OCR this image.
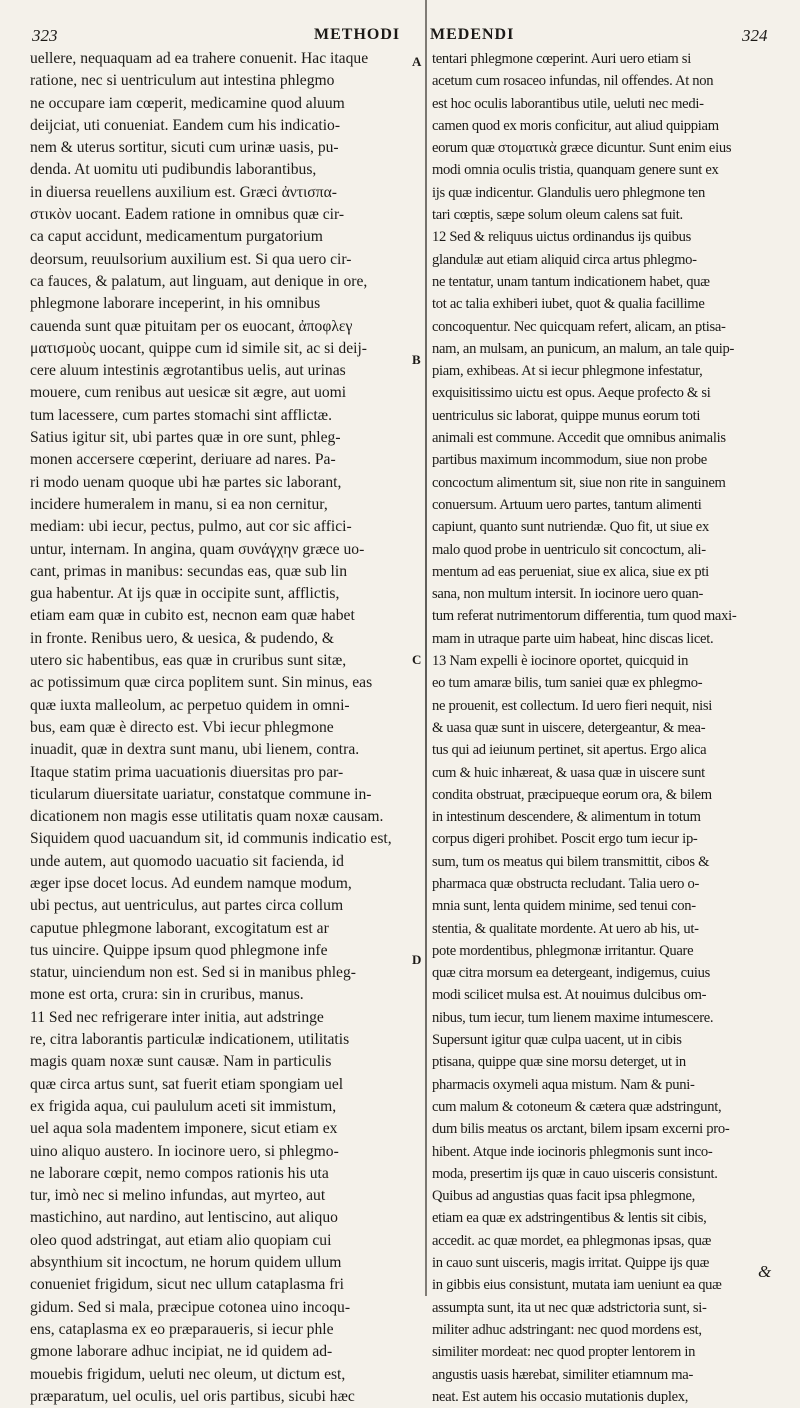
323	METHODI MEDENDI	324
uellere, nequaquam ad ea trahere conuenit. Hac itaque
ratione, nec si uentriculum aut intestina phlegmo
ne occupare iam cœperit, medicamine quod aluum
deijciat, uti conueniat. Eandem cum his indicatio-
nem & uterus sortitur, sicuti cum urinæ uasis, pu-
denda. At uomitu uti pudibundis laborantibus,
in diuersa reuellens auxilium est. Græci ἀντισπα-
στικὸν uocant. Eadem ratione in omnibus quæ cir-
ca caput accidunt, medicamentum purgatorium
deorsum, reuulsorium auxilium est. Si qua uero cir-
ca fauces, & palatum, aut linguam, aut denique in ore,
phlegmone laborare inceperint, in his omnibus
cauenda sunt quæ pituitam per os euocant, ἀποφλεγ
ματισμοὺς uocant, quippe cum id simile sit, ac si deij-
cere aluum intestinis ægrotantibus uelis, aut urinas
mouere, cum renibus aut uesicæ sit ægre, aut uomi
tum lacessere, cum partes stomachi sint afflictæ.
Satius igitur sit, ubi partes quæ in ore sunt, phleg-
monen accersere cœperint, deriuare ad nares. Pa-
ri modo uenam quoque ubi hæ partes sic laborant,
incidere humeralem in manu, si ea non cernitur,
mediam: ubi iecur, pectus, pulmo, aut cor sic affici-
untur, internam. In angina, quam συνάγχην græce uo-
cant, primas in manibus: secundas eas, quæ sub lin
gua habentur. At ijs quæ in occipite sunt, afflictis,
etiam eam quæ in cubito est, necnon eam quæ habet
in fronte. Renibus uero, & uesica, & pudendo, &
utero sic habentibus, eas quæ in cruribus sunt sitæ,
ac potissimum quæ circa poplitem sunt. Sin minus, eas
quæ iuxta malleolum, ac perpetuo quidem in omni-
bus, eam quæ è directo est. Vbi iecur phlegmone
inuadit, quæ in dextra sunt manu, ubi lienem, contra.
Itaque statim prima uacuationis diuersitas pro par-
ticularum diuersitate uariatur, constatque commune in-
dicationem non magis esse utilitatis quam noxæ causam.
Siquidem quod uacuandum sit, id communis indicatio est,
unde autem, aut quomodo uacuatio sit facienda, id
æger ipse docet locus. Ad eundem namque modum,
ubi pectus, aut uentriculus, aut partes circa collum
caputue phlegmone laborant, excogitatum est ar
tus uincire. Quippe ipsum quod phlegmone infe
statur, uinciendum non est. Sed si in manibus phleg-
mone est orta, crura: sin in cruribus, manus.
11 Sed nec refrigerare inter initia, aut adstringe
re, citra laborantis particulæ indicationem, utilitatis
magis quam noxæ sunt causæ. Nam in particulis
quæ circa artus sunt, sat fuerit etiam spongiam uel
ex frigida aqua, cui paululum aceti sit immistum,
uel aqua sola madentem imponere, sicut etiam ex
uino aliquo austero. In iocinore uero, si phlegmo-
ne laborare cœpit, nemo compos rationis his uta
tur, imò nec si melino infundas, aut myrteo, aut
mastichino, aut nardino, aut lentiscino, aut aliquo
oleo quod adstringat, aut etiam alio quopiam cui
absynthium sit incoctum, ne horum quidem ullum
conueniet frigidum, sicut nec ullum cataplasma fri
gidum. Sed si mala, præcipue cotonea uino incoqu-
ens, cataplasma ex eo præparaueris, si iecur phle
gmone laborare adhuc incipiat, ne id quidem ad-
mouebis frigidum, ueluti nec oleum, ut dictum est,
præparatum, uel oculis, uel oris partibus, sicubi hæc
tentari phlegmone cœperint. Auri uero etiam si
acetum cum rosaceo infundas, nil offendes. At non
est hoc oculis laborantibus utile, ueluti nec medi-
camen quod ex moris conficitur, aut aliud quippiam
eorum quæ στοματικὰ græce dicuntur. Sunt enim eius
modi omnia oculis tristia, quanquam genere sunt ex
ijs quæ indicentur. Glandulis uero phlegmone ten
tari cœptis, sæpe solum oleum calens sat fuit.
12 Sed & reliquus uictus ordinandus ijs quibus
glandulæ aut etiam aliquid circa artus phlegmo-
ne tentatur, unam tantum indicationem habet, quæ
tot ac talia exhiberi iubet, quot & qualia facillime
concoquentur. Nec quicquam refert, alicam, an ptisa-
nam, an mulsam, an punicum, an malum, an tale quip-
piam, exhibeas. At si iecur phlegmone infestatur,
exquisitissimo uictu est opus. Aeque profecto & si
uentriculus sic laborat, quippe munus eorum toti
animali est commune. Accedit que omnibus animalis
partibus maximum incommodum, siue non probe
concoctum alimentum sit, siue non rite in sanguinem
conuersum. Artuum uero partes, tantum alimenti
capiunt, quanto sunt nutriendæ. Quo fit, ut siue ex
malo quod probe in uentriculo sit concoctum, ali-
mentum ad eas perueniat, siue ex alica, siue ex pti
sana, non multum intersit. In iocinore uero quan-
tum referat nutrimentorum differentia, tum quod maxi-
mam in utraque parte uim habeat, hinc discas licet.
13 Nam expelli è iocinore oportet, quicquid in
eo tum amaræ bilis, tum saniei quæ ex phlegmo-
ne prouenit, est collectum. Id uero fieri nequit, nisi
& uasa quæ sunt in uiscere, detergeantur, & mea-
tus qui ad ieiunum pertinet, sit apertus. Ergo alica
cum & huic inhæreat, & uasa quæ in uiscere sunt
condita obstruat, præcipueque eorum ora, & bilem
in intestinum descendere, & alimentum in totum
corpus digeri prohibet. Poscit ergo tum iecur ip-
sum, tum os meatus qui bilem transmittit, cibos &
pharmaca quæ obstructa recludant. Talia uero o-
mnia sunt, lenta quidem minime, sed tenui con-
stentia, & qualitate mordente. At uero ab his, ut-
pote mordentibus, phlegmonæ irritantur. Quare
quæ citra morsum ea detergeant, indigemus, cuius
modi scilicet mulsa est. At nouimus dulcibus om-
nibus, tum iecur, tum lienem maxime intumescere.
Supersunt igitur quæ culpa uacent, ut in cibis
ptisana, quippe quæ sine morsu deterget, ut in
pharmacis oxymeli aqua mistum. Nam & puni-
cum malum & cotoneum & cætera quæ adstringunt,
dum bilis meatus os arctant, bilem ipsam excerni pro-
hibent. Atque inde iocinoris phlegmonis sunt inco-
moda, presertim ijs quæ in cauo uisceris consistunt.
Quibus ad angustias quas facit ipsa phlegmone,
etiam ea quæ ex adstringentibus & lentis sit cibis,
accedit. ac quæ mordet, ea phlegmonas ipsas, quæ
in cauo sunt uisceris, magis irritat. Quippe ijs quæ
in gibbis eius consistunt, mutata iam ueniunt ea quæ
assumpta sunt, ita ut nec quæ adstrictoria sunt, si-
militer adhuc adstringant: nec quod mordens est,
similiter mordeat: nec quod propter lentorem in
angustis uasis hærebat, similiter etiamnum ma-
neat. Est autem his occasio mutationis duplex,
A
B
C
D
&
